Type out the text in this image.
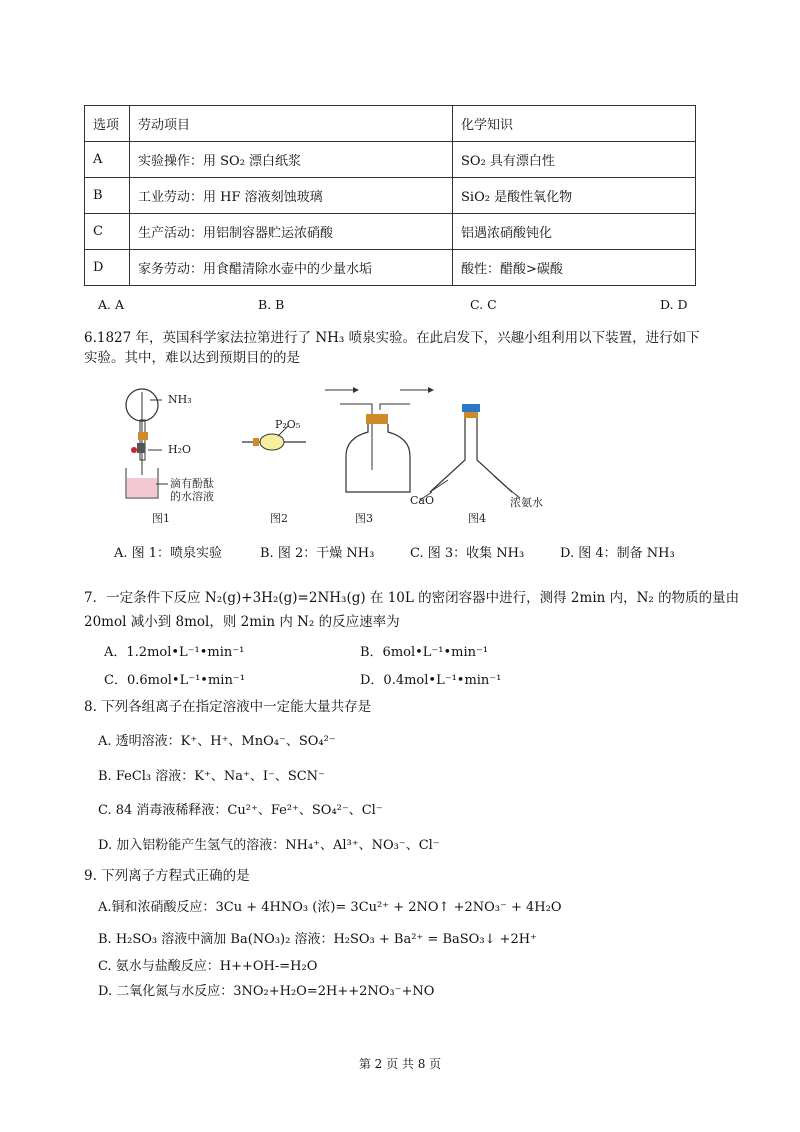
选项	劳动项目	化学知识
A	实验操作：用 SO₂ 漂白纸浆	SO₂ 具有漂白性
B	工业劳动：用 HF 溶液刻蚀玻璃	SiO₂ 是酸性氧化物
C	生产活动：用铝制容器贮运浓硝酸	铝遇浓硝酸钝化
D	家务劳动：用食醋清除水壶中的少量水垢	酸性：醋酸>碳酸
A. A	B. B	C. C	D. D
6.1827 年，英国科学家法拉第进行了 NH₃ 喷泉实验。在此启发下，兴趣小组利用以下装置，进行如下
实验。其中，难以达到预期目的的是
NH₃
H₂O
滴有酚酞
的水溶液
P₂O₅
CaO	浓氨水
图1	图2	图3	图4
A. 图 1：喷泉实验	B. 图 2：干燥 NH₃	C. 图 3：收集 NH₃	D. 图 4：制备 NH₃
7．一定条件下反应 N₂(g)+3H₂(g)=2NH₃(g) 在 10L 的密闭容器中进行，测得 2min 内，N₂ 的物质的量由
20mol 减小到 8mol，则 2min 内 N₂ 的反应速率为
A．1.2mol•L⁻¹•min⁻¹	B．6mol•L⁻¹•min⁻¹
C．0.6mol•L⁻¹•min⁻¹	D．0.4mol•L⁻¹•min⁻¹
8. 下列各组离子在指定溶液中一定能大量共存是
A. 透明溶液：K⁺、H⁺、MnO₄⁻、SO₄²⁻
B. FeCl₃ 溶液：K⁺、Na⁺、I⁻、SCN⁻
C. 84 消毒液稀释液：Cu²⁺、Fe²⁺、SO₄²⁻、Cl⁻
D. 加入铝粉能产生氢气的溶液：NH₄⁺、Al³⁺、NO₃⁻、Cl⁻
9. 下列离子方程式正确的是
A.铜和浓硝酸反应：3Cu + 4HNO₃ (浓)= 3Cu²⁺ + 2NO↑ +2NO₃⁻ + 4H₂O
B. H₂SO₃ 溶液中滴加 Ba(NO₃)₂ 溶液：H₂SO₃ + Ba²⁺ = BaSO₃↓ +2H⁺
C. 氨水与盐酸反应：H++OH-=H₂O
D. 二氧化氮与水反应：3NO₂+H₂O=2H++2NO₃⁻+NO
第 2 页 共 8 页
